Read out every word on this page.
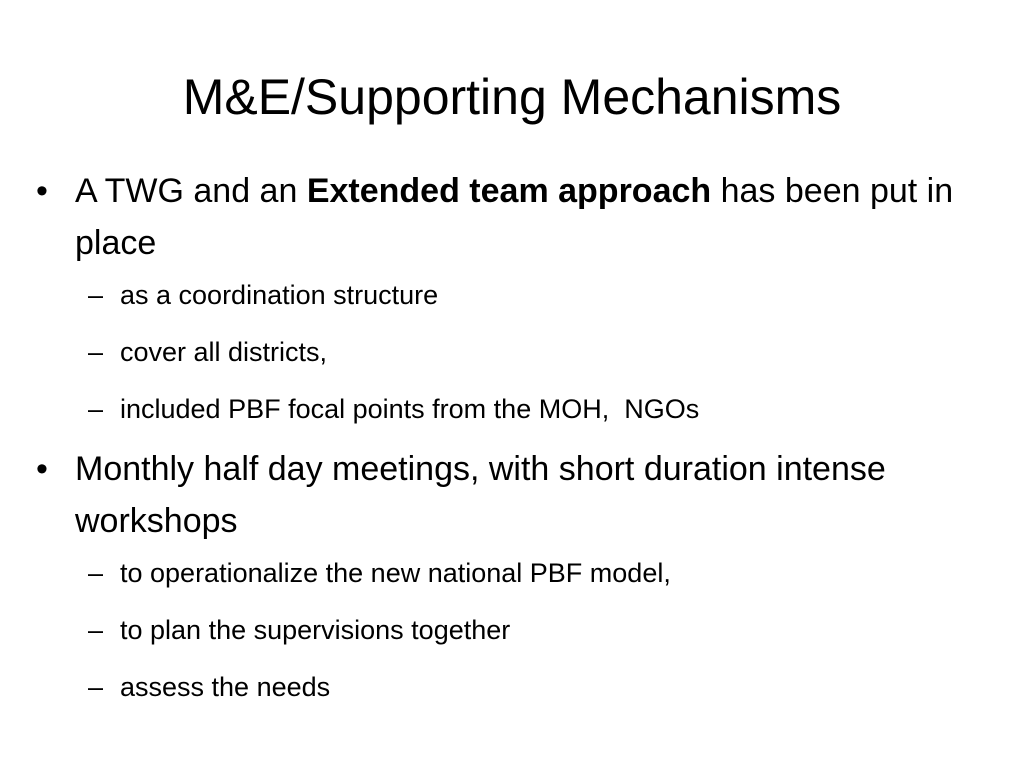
M&E/Supporting Mechanisms
• A TWG and an Extended team approach has been put in place
– as a coordination structure
– cover all districts,
– included PBF focal points from the MOH,  NGOs
• Monthly half day meetings, with short duration intense workshops
– to operationalize the new national PBF model,
– to plan the supervisions together
– assess the needs
